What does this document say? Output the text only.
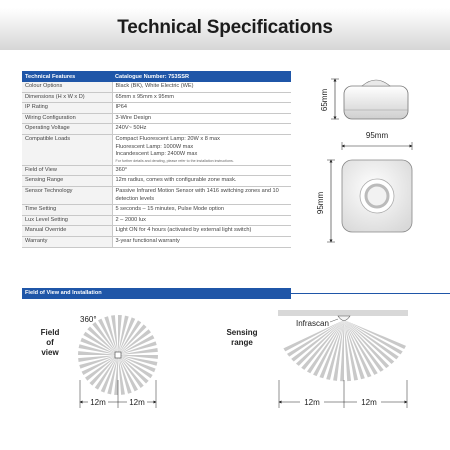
Technical Specifications
Technical Features	Catalogue Number: 753SSR
Colour Options	Black (BK), White Electric (WE)
Dimensions (H x W x D)	65mm x 95mm x 95mm
IP Rating	IP64
Wiring Configuration	3-Wire Design
Operating Voltage	240V~ 50Hz
Compatible Loads	Compact Fluorescent Lamp: 20W x 8 max
Fluorescent Lamp: 1000W max
Incandescent Lamp: 2400W max
For further details and derating, please refer to the installation instructions.

Field of View	360°
Sensing Range	12m radius, comes with configurable zone mask.
Sensor Technology	Passive Infrared Motion Sensor with 1416 switching zones and 10 detection levels
Time Setting	5 seconds – 15 minutes, Pulse Mode option
Lux Level Setting	2 – 2000 lux
Manual Override	Light ON for 4 hours (activated by external light switch)
Warranty	3-year functional warranty
65mm
95mm
95mm
Field of View and Installation
Field
of
view
Sensing
range
360°
12m	12m
Infrascan
12m	12m
